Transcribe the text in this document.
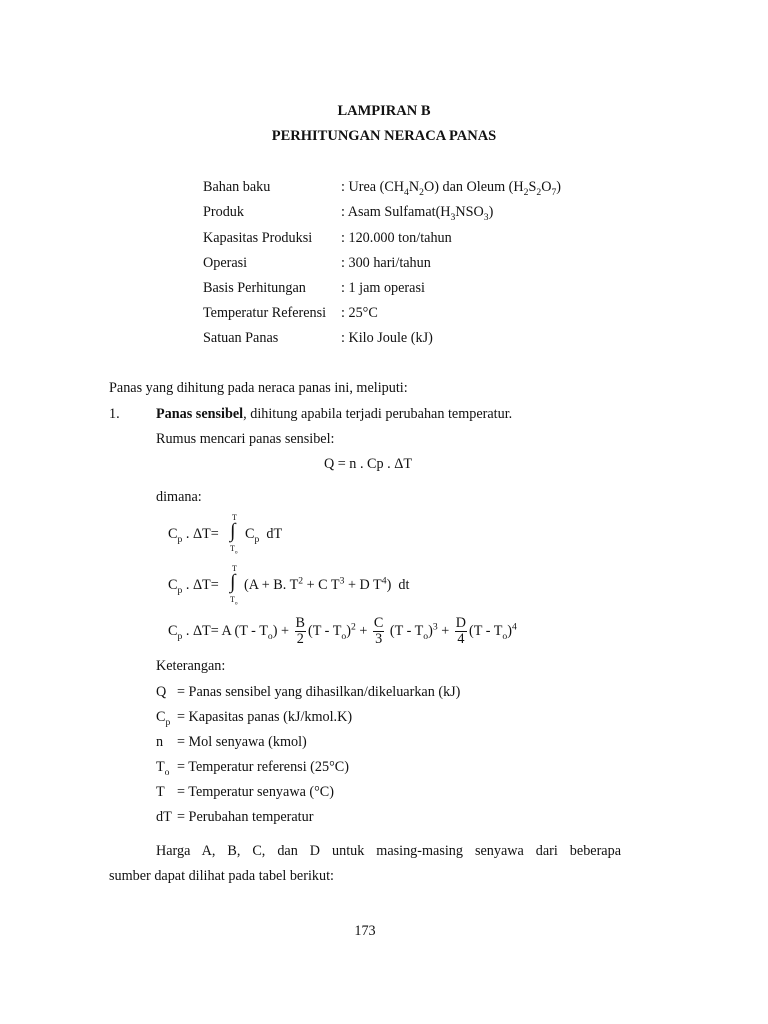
LAMPIRAN B
PERHITUNGAN NERACA PANAS
Bahan baku	: Urea $(CH_4N_2O)$ dan Oleum $(H_2S_2O_7)$
Produk	: Asam $Sulfamat(H_3NSO_3)$
Kapasitas Produksi : 120.000 ton/tahun
Operasi	: 300 hari/tahun
Basis Perhitungan : 1 jam operasi
Temperatur Referensi : 25°C
Satuan Panas	: Kilo Joule (kJ)
Panas yang dihitung pada neraca panas ini, meliputi:
1.	Panas sensibel, dihitung apabila terjadi perubahan temperatur.
Rumus mencari panas sensibel:
Q = n . Cp . ΔT
dimana:
$C_p$ . ΔT=
T
∫
$T_o$
$C_p$  dT
$C_p$ . ΔT=
T
∫
$T_o$
(A + B. $T^2 + C$ $T^3 + D$ $T^4$)  dt
$C_p$ . ΔT= A $(T - T_o) + \frac{B}{2} (T - T_o)^2 + \frac{C}{3} (T - T_o)^3 + \frac{D}{4} (T - T_o)^4$
Keterangan:
Q = Panas sensibel yang dihasilkan/dikeluarkan (kJ)
$C_p$ = Kapasitas panas (kJ/kmol.K)
n = Mol senyawa (kmol)
$T_o$ = Temperatur referensi (25°C)
T = Temperatur senyawa (°C)
dT = Perubahan temperatur
Harga A, B, C, dan D untuk masing-masing senyawa dari beberapa
sumber dapat dilihat pada tabel berikut:
173
